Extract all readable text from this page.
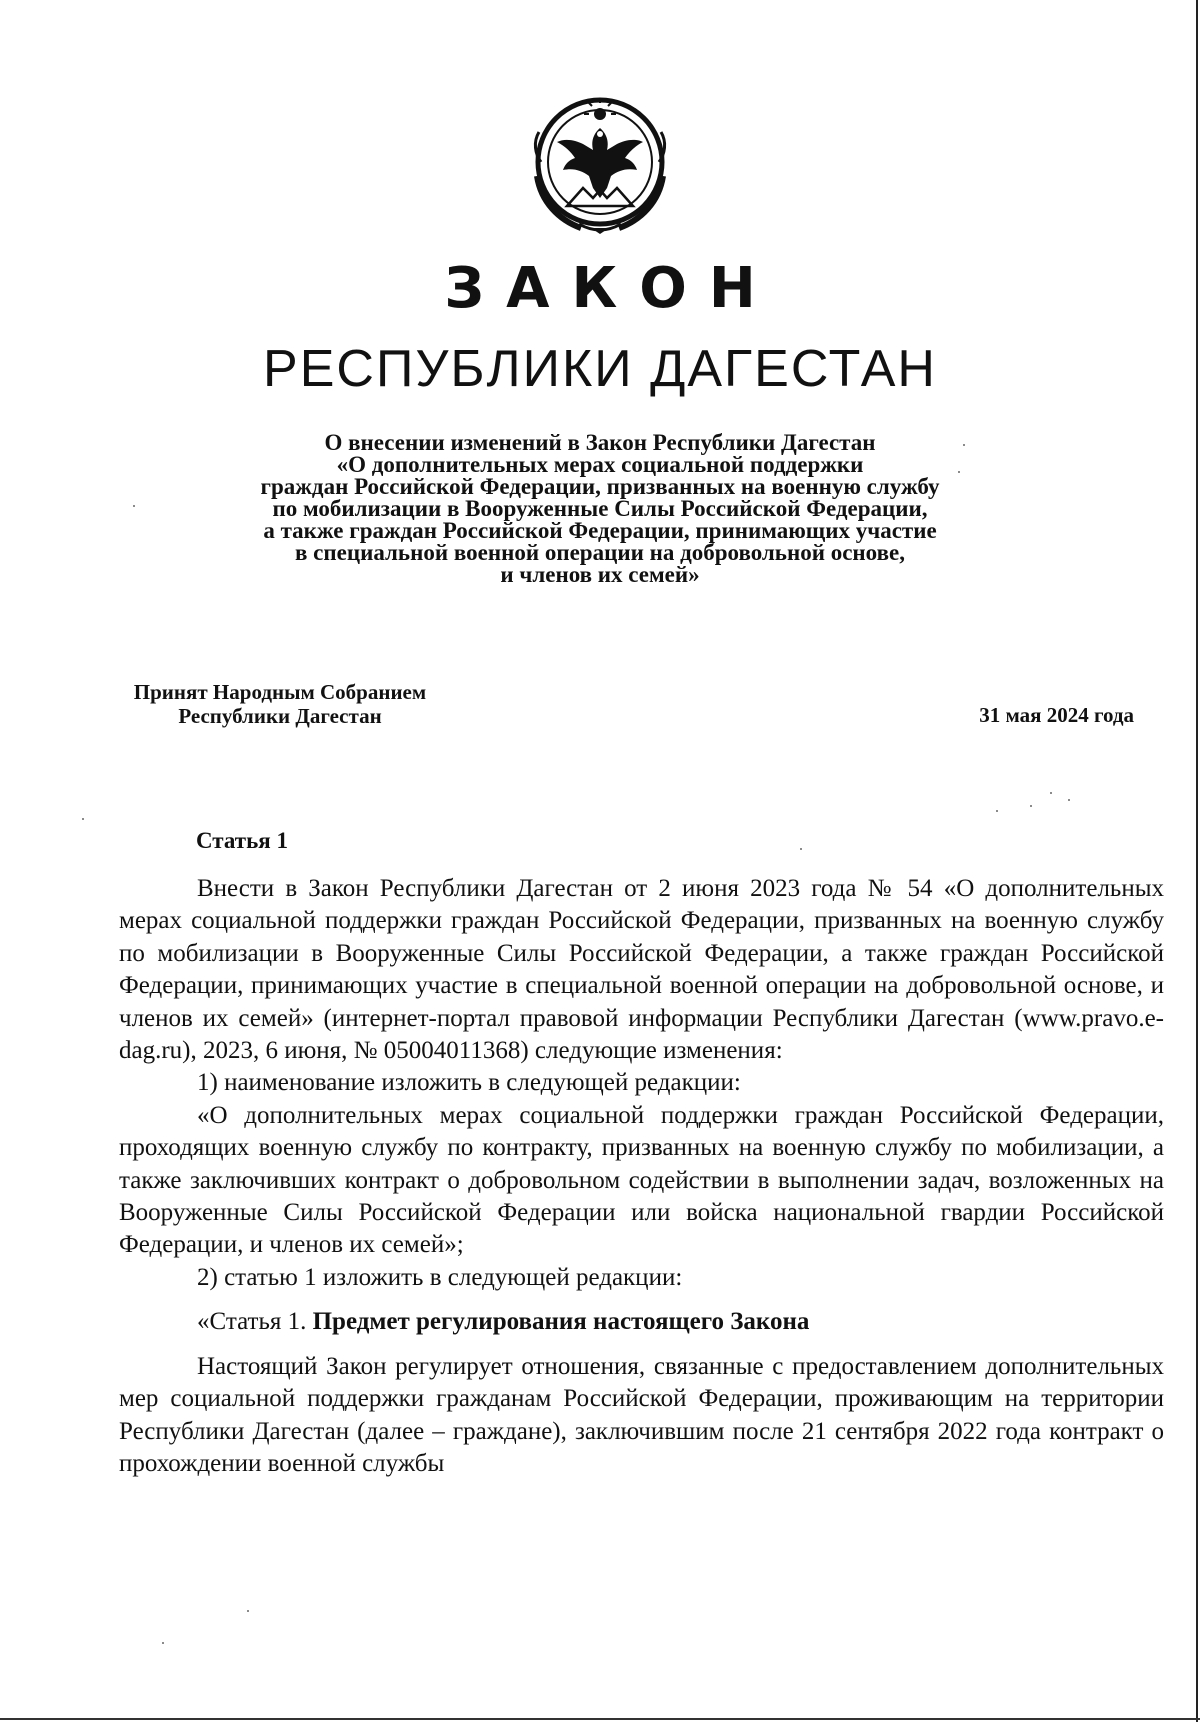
ЗАКОН
РЕСПУБЛИКИ ДАГЕСТАН
О внесении изменений в Закон Республики Дагестан
«О дополнительных мерах социальной поддержки
граждан Российской Федерации, призванных на военную службу
по мобилизации в Вооруженные Силы Российской Федерации,
а также граждан Российской Федерации, принимающих участие
в специальной военной операции на добровольной основе,
и членов их семей»
Принят Народным Собранием
Республики Дагестан	31 мая 2024 года
Статья 1

Внести в Закон Республики Дагестан от 2 июня 2023 года № 54 «О дополнительных мерах социальной поддержки граждан Российской Федерации, призванных на военную службу по мобилизации в Вооруженные Силы Российской Федерации, а также граждан Российской Федерации, принимающих участие в специальной военной операции на добровольной основе, и членов их семей» (интернет-портал правовой информации Республики Дагестан (www.pravo.e-dag.ru), 2023, 6 июня, № 05004011368) следующие изменения:

1) наименование изложить в следующей редакции:

«О дополнительных мерах социальной поддержки граждан Российской Федерации, проходящих военную службу по контракту, призванных на военную службу по мобилизации, а также заключивших контракт о добровольном содействии в выполнении задач, возложенных на Вооруженные Силы Российской Федерации или войска национальной гвардии Российской Федерации, и членов их семей»;

2) статью 1 изложить в следующей редакции:

«Статья 1. Предмет регулирования настоящего Закона

Настоящий Закон регулирует отношения, связанные с предоставлением дополнительных мер социальной поддержки гражданам Российской Федерации, проживающим на территории Республики Дагестан (далее – граждане), заключившим после 21 сентября 2022 года контракт о прохождении военной службы
